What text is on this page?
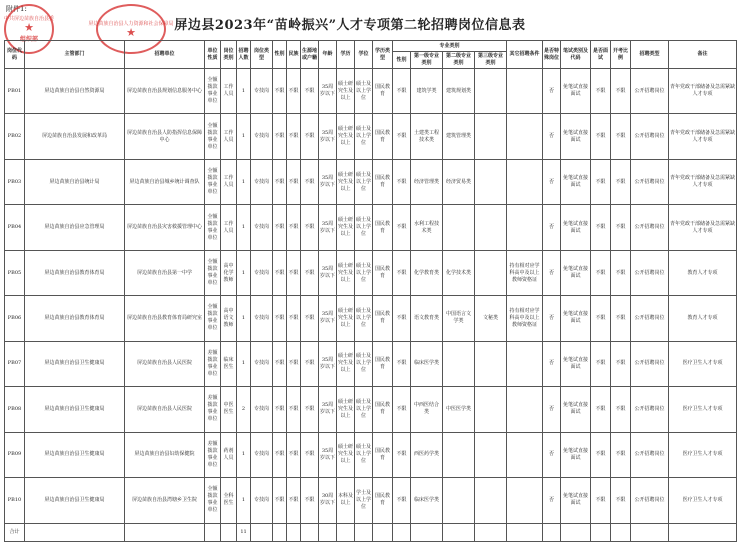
附件1:
屏边县2023年“苗岭振兴”人才专项第二轮招聘岗位信息表
中共屏边苗族自治县委
★
组织部
屏边苗族自治县人力资源和社会保障局
★
岗位代码	主管部门	招聘单位	单位性质	岗位类别	招聘人数	岗位类型	性别	民族	生源地或户籍	年龄	学历	学位	学历类型	专业类别				其它招聘条件	是否特殊岗位	笔试类别及代码	是否面试	开考比例	招聘类型	备注
														性别	第一级专业类别	第二级专业类别	第三级专业类别							
PB01	屏边苗族自治县自然资源局	屏边苗族自治县规划信息服务中心	全额拨款事业单位	工作人员	1	专技岗	不限	不限	不限	35周岁以下	硕士研究生及以上	硕士及以上学位	国民教育	不限	建筑学类	建筑规划类			否	免笔试直接面试	不限	不限	公开招聘岗位	青年党政干部储备及急需紧缺人才专项
PB02	屏边苗族自治县发展和改革局	屏边苗族自治县人防指挥信息保障中心	全额拨款事业单位	工作人员	1	专技岗	不限	不限	不限	35周岁以下	硕士研究生及以上	硕士及以上学位	国民教育	不限	土建类工程技术类	建筑管理类			否	免笔试直接面试	不限	不限	公开招聘岗位	青年党政干部储备及急需紧缺人才专项
PB03	屏边苗族自治县统计局	屏边苗族自治县城乡统计调查队	全额拨款事业单位	工作人员	1	专技岗	不限	不限	不限	35周岁以下	硕士研究生及以上	硕士及以上学位	国民教育	不限	经济管理类	经济贸易类			否	免笔试直接面试	不限	不限	公开招聘岗位	青年党政干部储备及急需紧缺人才专项
PB04	屏边苗族自治县应急管理局	屏边苗族自治县灾害救援管理中心	全额拨款事业单位	工作人员	1	专技岗	不限	不限	不限	35周岁以下	硕士研究生及以上	硕士及以上学位	国民教育	不限	水利工程技术类				否	免笔试直接面试	不限	不限	公开招聘岗位	青年党政干部储备及急需紧缺人才专项
PB05	屏边苗族自治县教育体育局	屏边苗族自治县第一中学	全额拨款事业单位	高中化学教师	1	专技岗	不限	不限	不限	35周岁以下	硕士研究生及以上	硕士及以上学位	国民教育	不限	化学教育类	化学技术类		持有相对应学科高中及以上教师资格证	否	免笔试直接面试	不限	不限	公开招聘岗位	教育人才专项
PB06	屏边苗族自治县教育体育局	屏边苗族自治县教育体育局研究室	全额拨款事业单位	高中语文教师	1	专技岗	不限	不限	不限	35周岁以下	硕士研究生及以上	硕士及以上学位	国民教育	不限	语文教育类	中国语言文学类	文秘类	持有相对应学科高中及以上教师资格证	否	免笔试直接面试	不限	不限	公开招聘岗位	教育人才专项
PB07	屏边苗族自治县卫生健康局	屏边苗族自治县人民医院	差额拨款事业单位	临床医生	1	专技岗	不限	不限	不限	35周岁以下	硕士研究生及以上	硕士及以上学位	国民教育	不限	临床医学类				否	免笔试直接面试	不限	不限	公开招聘岗位	医疗卫生人才专项
PB08	屏边苗族自治县卫生健康局	屏边苗族自治县人民医院	差额拨款事业单位	中医医生	2	专技岗	不限	不限	不限	35周岁以下	硕士研究生及以上	硕士及以上学位	国民教育	不限	中西医结合类	中医医学类			否	免笔试直接面试	不限	不限	公开招聘岗位	医疗卫生人才专项
PB09	屏边苗族自治县卫生健康局	屏边苗族自治县妇幼保健院	差额拨款事业单位	药剂人员	1	专技岗	不限	不限	不限	35周岁以下	硕士研究生及以上	硕士及以上学位	国民教育	不限	西医药学类				否	免笔试直接面试	不限	不限	公开招聘岗位	医疗卫生人才专项
PB10	屏边苗族自治县卫生健康局	屏边苗族自治县湾塘乡卫生院	全额拨款事业单位	全科医生	1	专技岗	不限	不限	不限	30周岁以下	本科及以上	学士及以上学位	国民教育	不限	临床医学类				否	免笔试直接面试	不限	不限	公开招聘岗位	医疗卫生人才专项
合计					11																			
